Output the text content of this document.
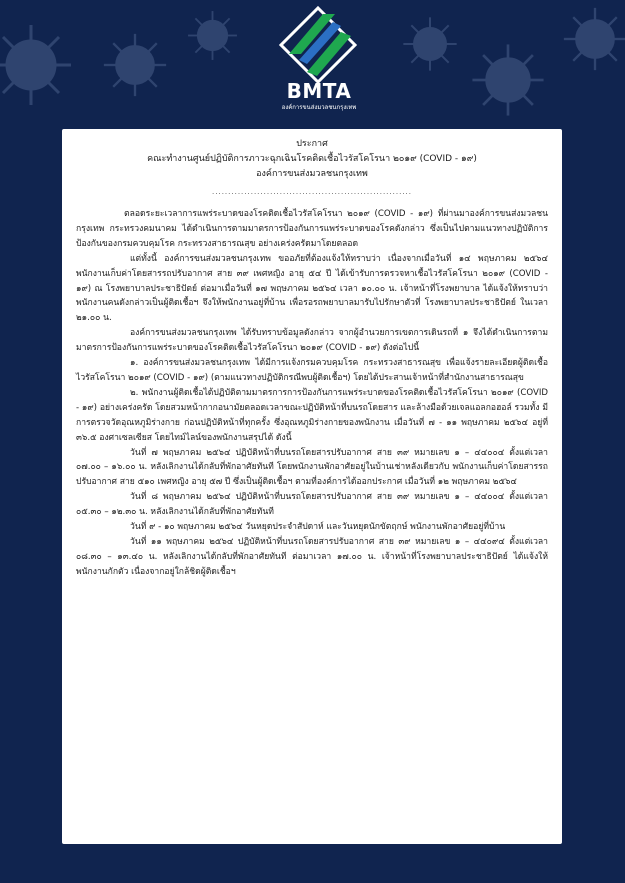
BMTA
องค์การขนส่งมวลชนกรุงเทพ
ประกาศ
คณะทำงานศูนย์ปฏิบัติการภาวะฉุกเฉินโรคติดเชื้อไวรัสโคโรนา ๒๐๑๙ (COVID - ๑๙)
องค์การขนส่งมวลชนกรุงเทพ
..............................................................

ตลอดระยะเวลาการแพร่ระบาดของโรคติดเชื้อไวรัสโคโรนา ๒๐๑๙ (COVID - ๑๙) ที่ผ่านมาองค์การขนส่งมวลชนกรุงเทพ กระทรวงคมนาคม ได้ดำเนินการตามมาตรการป้องกันการแพร่ระบาดของโรคดังกล่าว ซึ่งเป็นไปตามแนวทางปฏิบัติการป้องกันของกรมควบคุมโรค กระทรวงสาธารณสุข อย่างเคร่งครัดมาโดยตลอด

แต่ทั้งนี้ องค์การขนส่งมวลชนกรุงเทพ ขออภัยที่ต้องแจ้งให้ทราบว่า เนื่องจากเมื่อวันที่ ๑๔ พฤษภาคม ๒๕๖๔ พนักงานเก็บค่าโดยสารรถปรับอากาศ สาย ๓๙ เพศหญิง อายุ ๕๔ ปี ได้เข้ารับการตรวจหาเชื้อไวรัสโคโรนา ๒๐๑๙ (COVID - ๑๙) ณ โรงพยาบาลประชาธิปัตย์ ต่อมาเมื่อวันที่ ๑๗ พฤษภาคม ๒๕๖๔ เวลา ๑๐.๐๐ น. เจ้าหน้าที่โรงพยาบาล ได้แจ้งให้ทราบว่าพนักงานคนดังกล่าวเป็นผู้ติดเชื้อฯ จึงให้พนักงานอยู่ที่บ้าน เพื่อรอรถพยาบาลมารับไปรักษาตัวที่ โรงพยาบาลประชาธิปัตย์ ในเวลา ๒๑.๐๐ น.

องค์การขนส่งมวลชนกรุงเทพ ได้รับทราบข้อมูลดังกล่าว จากผู้อำนวยการเขตการเดินรถที่ ๑ จึงได้ดำเนินการตามมาตรการป้องกันการแพร่ระบาดของโรคติดเชื้อไวรัสโคโรนา ๒๐๑๙ (COVID - ๑๙) ดังต่อไปนี้

๑. องค์การขนส่งมวลชนกรุงเทพ ได้มีการแจ้งกรมควบคุมโรค กระทรวงสาธารณสุข เพื่อแจ้งรายละเอียดผู้ติดเชื้อไวรัสโคโรนา ๒๐๑๙ (COVID - ๑๙) (ตามแนวทางปฏิบัติกรณีพบผู้ติดเชื้อฯ) โดยได้ประสานเจ้าหน้าที่สำนักงานสาธารณสุข

๒. พนักงานผู้ติดเชื้อได้ปฏิบัติตามมาตรการการป้องกันการแพร่ระบาดของโรคติดเชื้อไวรัสโคโรนา ๒๐๑๙ (COVID - ๑๙) อย่างเคร่งครัด โดยสวมหน้ากากอนามัยตลอดเวลาขณะปฏิบัติหน้าที่บนรถโดยสาร และล้างมือด้วยเจลแอลกอฮอล์ รวมทั้ง มีการตรวจวัดอุณหภูมิร่างกาย ก่อนปฏิบัติหน้าที่ทุกครั้ง ซึ่งอุณหภูมิร่างกายของพนักงาน เมื่อวันที่ ๗ - ๑๑ พฤษภาคม ๒๕๖๔ อยู่ที่ ๓๖.๕ องศาเซลเซียส โดยไทม์ไลน์ของพนักงานสรุปได้ ดังนี้

วันที่ ๗ พฤษภาคม ๒๕๖๔ ปฏิบัติหน้าที่บนรถโดยสารปรับอากาศ สาย ๓๙ หมายเลข ๑ – ๔๔๐๐๔ ตั้งแต่เวลา ๐๗.๐๐ – ๑๖.๐๐ น. หลังเลิกงานได้กลับที่พักอาศัยทันที โดยพนักงานพักอาศัยอยู่ในบ้านเช่าหลังเดียวกับ พนักงานเก็บค่าโดยสารรถปรับอากาศ สาย ๕๑๐ เพศหญิง อายุ ๕๗ ปี ซึ่งเป็นผู้ติดเชื้อฯ ตามที่องค์การได้ออกประกาศ เมื่อวันที่ ๑๒ พฤษภาคม ๒๕๖๔

วันที่ ๘ พฤษภาคม ๒๕๖๔ ปฏิบัติหน้าที่บนรถโดยสารปรับอากาศ สาย ๓๙ หมายเลข ๑ – ๔๔๐๐๔ ตั้งแต่เวลา ๐๕.๓๐ – ๑๒.๓๐ น. หลังเลิกงานได้กลับที่พักอาศัยทันที

วันที่ ๙ - ๑๐ พฤษภาคม ๒๕๖๔ วันหยุดประจำสัปดาห์ และวันหยุดนักขัตฤกษ์ พนักงานพักอาศัยอยู่ที่บ้าน

วันที่ ๑๑ พฤษภาคม ๒๕๖๔ ปฏิบัติหน้าที่บนรถโดยสารปรับอากาศ สาย ๓๙ หมายเลข ๑ – ๔๔๐๙๔ ตั้งแต่เวลา ๐๘.๓๐ – ๑๓.๔๐ น. หลังเลิกงานได้กลับที่พักอาศัยทันที ต่อมาเวลา ๑๗.๐๐ น. เจ้าหน้าที่โรงพยาบาลประชาธิปัตย์ ได้แจ้งให้พนักงานกักตัว เนื่องจากอยู่ใกล้ชิดผู้ติดเชื้อฯ
